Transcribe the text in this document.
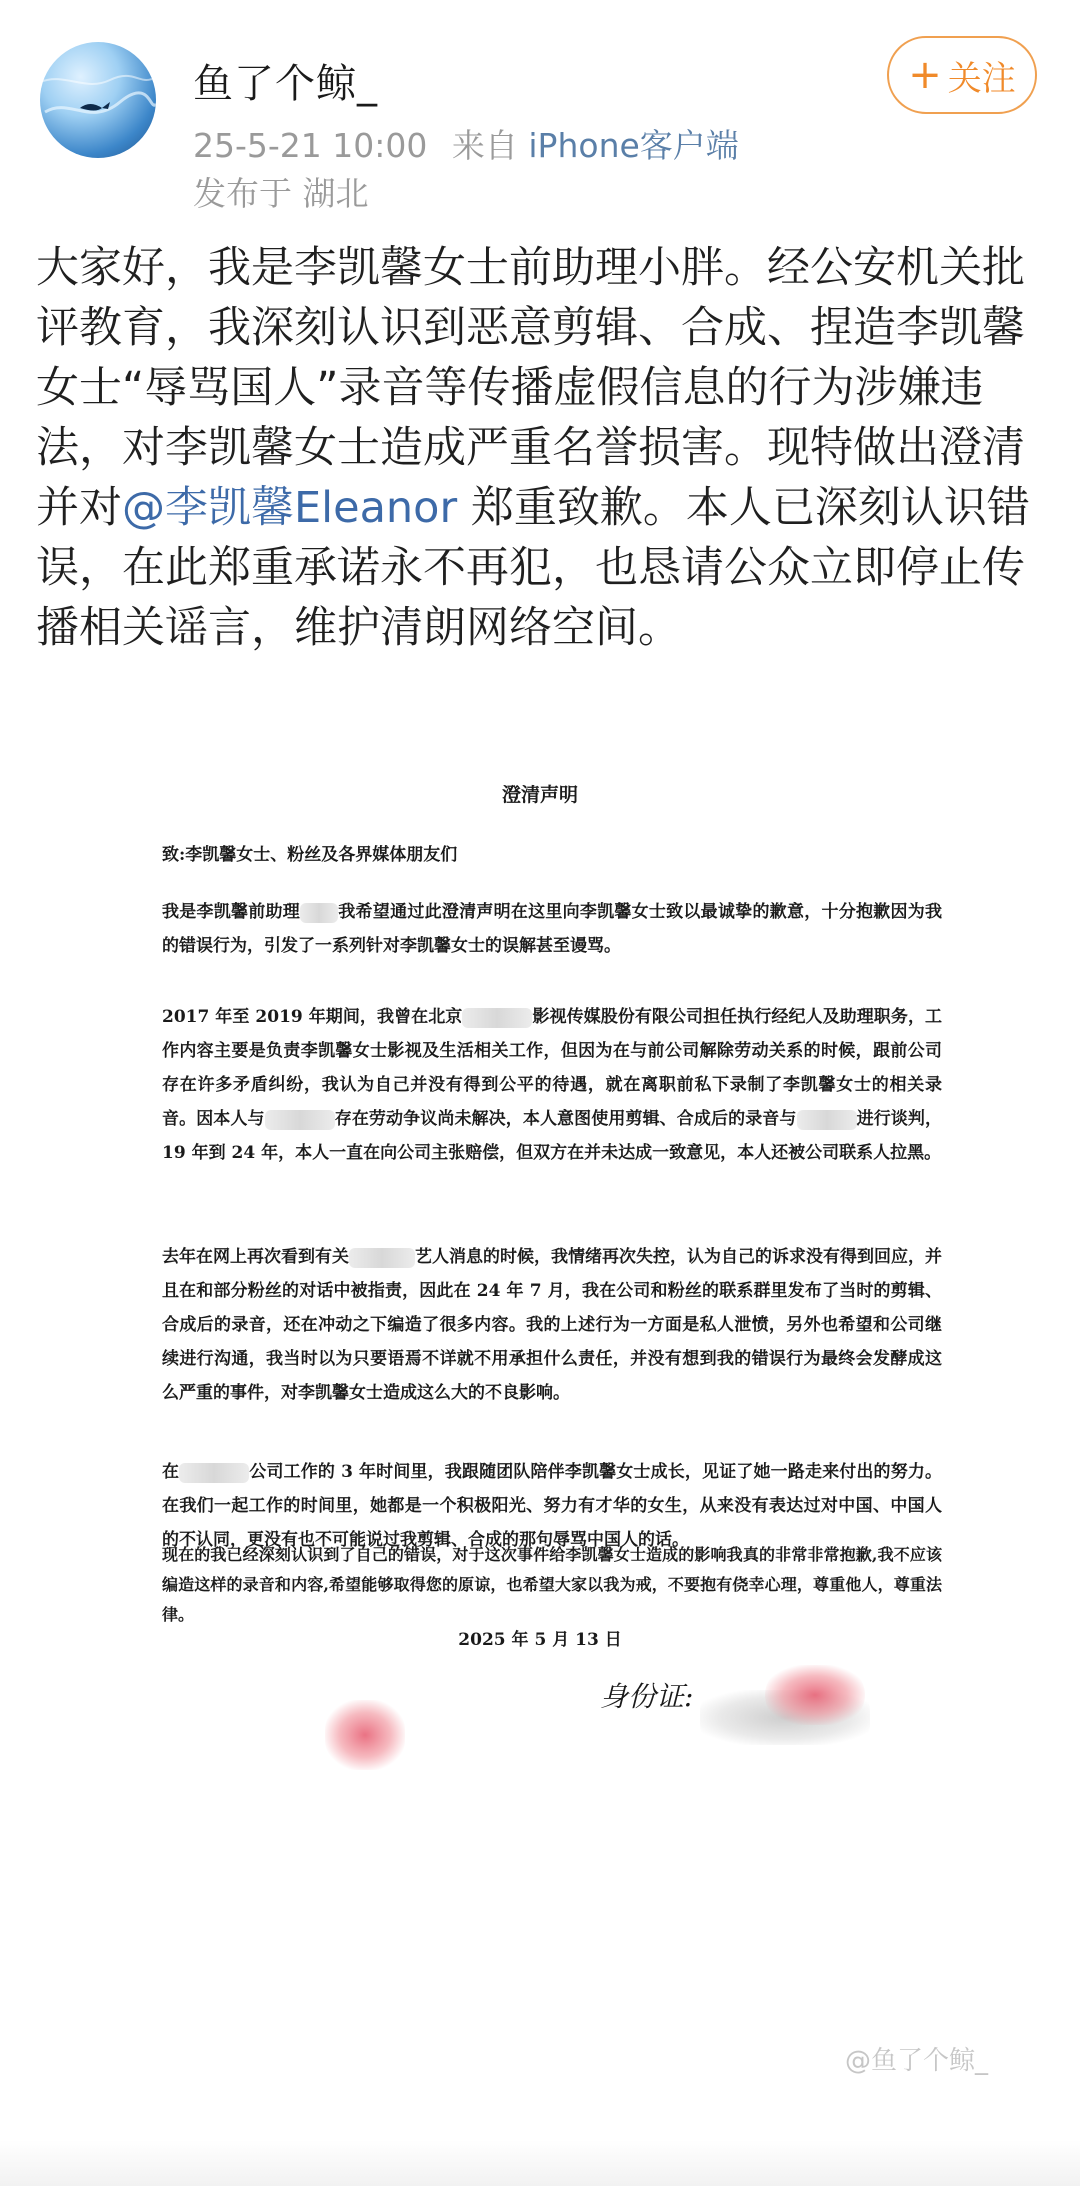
鱼了个鲸_
25-5-21 10:00 来自 iPhone客户端
发布于 湖北
+ 关注
大家好，我是李凯馨女士前助理小胖。经公安机关批评教育，我深刻认识到恶意剪辑、合成、捏造李凯馨女士“辱骂国人”录音等传播虚假信息的行为涉嫌违法，对李凯馨女士造成严重名誉损害。现特做出澄清并对@李凯馨Eleanor 郑重致歉。本人已深刻认识错误，在此郑重承诺永不再犯，也恳请公众立即停止传播相关谣言，维护清朗网络空间。
澄清声明
致:李凯馨女士、粉丝及各界媒体朋友们
我是李凯馨前助理 我希望通过此澄清声明在这里向李凯馨女士致以最诚挚的歉意，十分抱歉因为我的错误行为，引发了一系列针对李凯馨女士的误解甚至谩骂。
2017 年至 2019 年期间，我曾在北京	影视传媒股份有限公司担任执行经纪人及助理职务，工作内容主要是负责李凯馨女士影视及生活相关工作，但因为在与前公司解除劳动关系的时候，跟前公司存在许多矛盾纠纷，我认为自己并没有得到公平的待遇，就在离职前私下录制了李凯馨女士的相关录音。因本人与	存在劳动争议尚未解决，本人意图使用剪辑、合成后的录音与	进行谈判，19 年到 24 年，本人一直在向公司主张赔偿，但双方在并未达成一致意见，本人还被公司联系人拉黑。
去年在网上再次看到有关	艺人消息的时候，我情绪再次失控，认为自己的诉求没有得到回应，并且在和部分粉丝的对话中被指责，因此在 24 年 7 月，我在公司和粉丝的联系群里发布了当时的剪辑、合成后的录音，还在冲动之下编造了很多内容。我的上述行为一方面是私人泄愤，另外也希望和公司继续进行沟通，我当时以为只要语焉不详就不用承担什么责任，并没有想到我的错误行为最终会发酵成这么严重的事件，对李凯馨女士造成这么大的不良影响。
在	公司工作的 3 年时间里，我跟随团队陪伴李凯馨女士成长，见证了她一路走来付出的努力。在我们一起工作的时间里，她都是一个积极阳光、努力有才华的女生，从来没有表达过对中国、中国人的不认同，更没有也不可能说过我剪辑、合成的那句辱骂中国人的话。
现在的我已经深刻认识到了自己的错误，对于这次事件给李凯馨女士造成的影响我真的非常非常抱歉,我不应该编造这样的录音和内容,希望能够取得您的原谅，也希望大家以我为戒，不要抱有侥幸心理，尊重他人，尊重法律。
2025 年 5 月 13 日
身份证:
@鱼了个鲸_
